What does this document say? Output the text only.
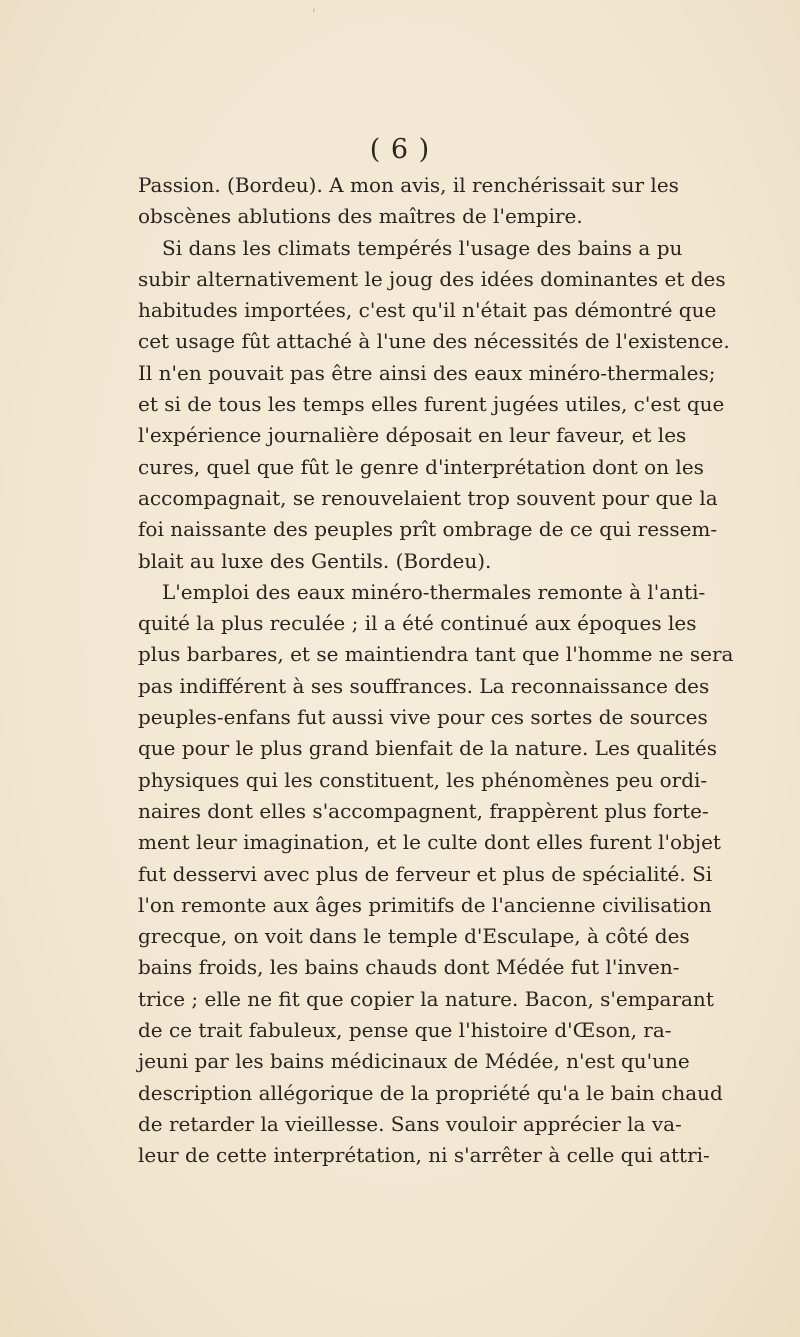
ʹ
( 6 )
Passion. (Bordeu). A mon avis, il renchérissait sur les
obscènes ablutions des maîtres de l'empire.
Si dans les climats tempérés l'usage des bains a pu
subir alternativement le joug des idées dominantes et des
habitudes importées, c'est qu'il n'était pas démontré que
cet usage fût attaché à l'une des nécessités de l'existence.
Il n'en pouvait pas être ainsi des eaux minéro-thermales;
et si de tous les temps elles furent jugées utiles, c'est que
l'expérience journalière déposait en leur faveur, et les
cures, quel que fût le genre d'interprétation dont on les
accompagnait, se renouvelaient trop souvent pour que la
foi naissante des peuples prît ombrage de ce qui ressem-
blait au luxe des Gentils. (Bordeu).
L'emploi des eaux minéro-thermales remonte à l'anti-
quité la plus reculée ; il a été continué aux époques les
plus barbares, et se maintiendra tant que l'homme ne sera
pas indifférent à ses souffrances. La reconnaissance des
peuples-enfans fut aussi vive pour ces sortes de sources
que pour le plus grand bienfait de la nature. Les qualités
physiques qui les constituent, les phénomènes peu ordi-
naires dont elles s'accompagnent, frappèrent plus forte-
ment leur imagination, et le culte dont elles furent l'objet
fut desservi avec plus de ferveur et plus de spécialité. Si
l'on remonte aux âges primitifs de l'ancienne civilisation
grecque, on voit dans le temple d'Esculape, à côté des
bains froids, les bains chauds dont Médée fut l'inven-
trice ; elle ne fit que copier la nature. Bacon, s'emparant
de ce trait fabuleux, pense que l'histoire d'Œson, ra-
jeuni par les bains médicinaux de Médée, n'est qu'une
description allégorique de la propriété qu'a le bain chaud
de retarder la vieillesse. Sans vouloir apprécier la va-
leur de cette interprétation, ni s'arrêter à celle qui attri-
